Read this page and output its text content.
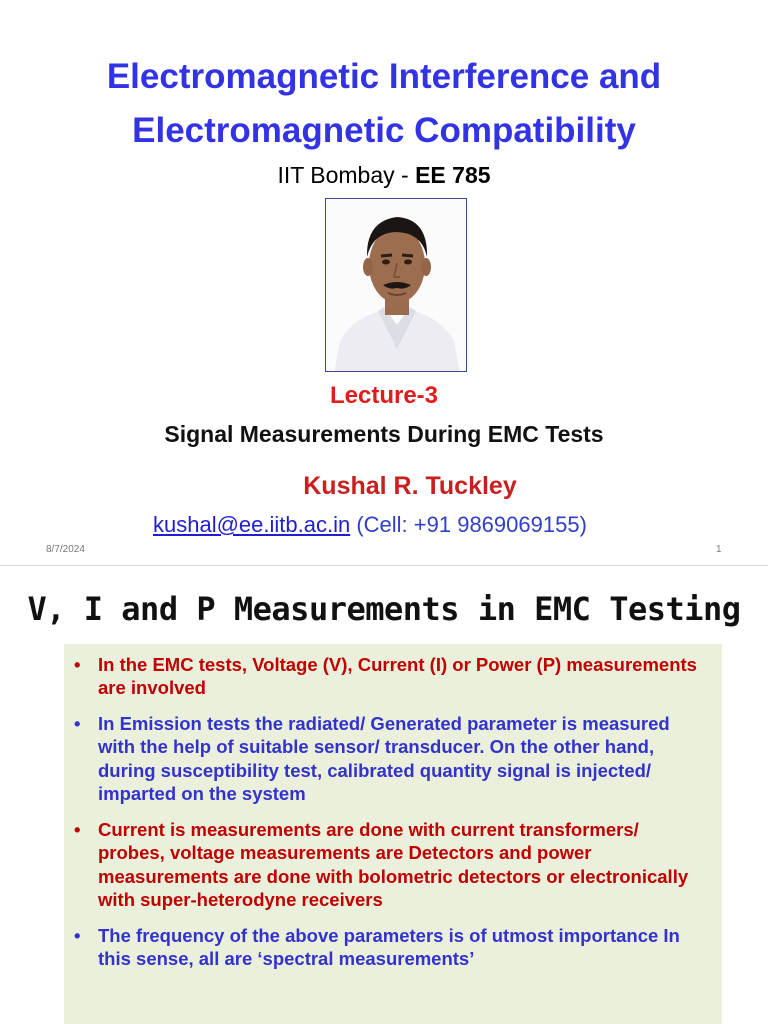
Electromagnetic Interference and
Electromagnetic Compatibility
IIT Bombay - EE 785
Lecture-3
Signal Measurements During EMC Tests
Kushal R. Tuckley
kushal@ee.iitb.ac.in (Cell: +91 9869069155)
8/7/2024	1
V, I and P Measurements in EMC Testing
• In the EMC tests, Voltage (V), Current (I) or Power (P) measurements are involved
• In Emission tests the radiated/ Generated parameter is measured with the help of suitable sensor/ transducer. On the other hand, during susceptibility test, calibrated quantity signal is injected/ imparted on the system
• Current is measurements are done with current transformers/ probes, voltage measurements are Detectors and power measurements are done with bolometric detectors or electronically with super-heterodyne receivers
• The frequency of the above parameters is of utmost importance In this sense, all are ‘spectral measurements’
